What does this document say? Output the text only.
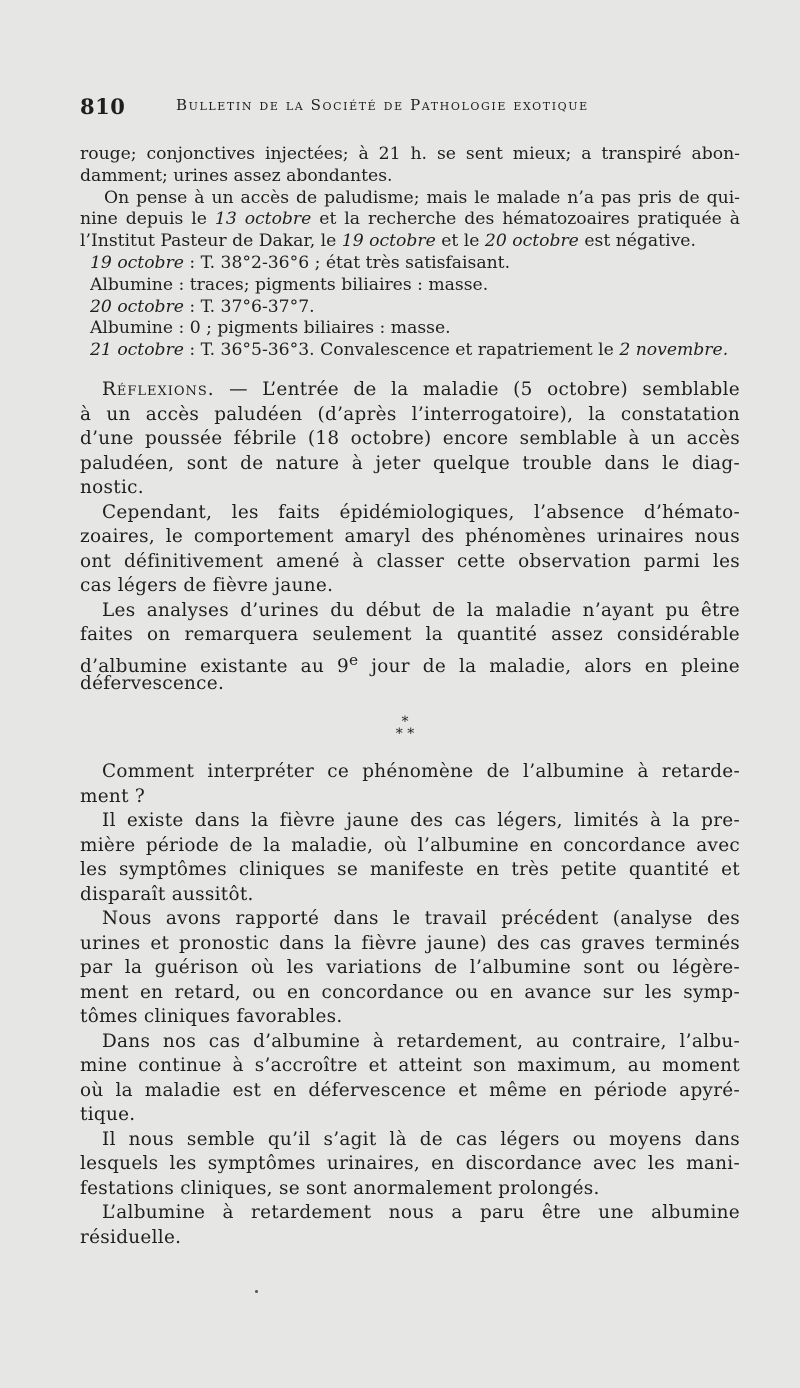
810	Bulletin de la Société de Pathologie exotique
rouge; conjonctives injectées; à 21 h. se sent mieux; a transpiré abon-
damment; urines assez abondantes.
On pense à un accès de paludisme; mais le malade n’a pas pris de qui-
nine depuis le 13 octobre et la recherche des hématozoaires pratiquée à
l’Institut Pasteur de Dakar, le 19 octobre et le 20 octobre est négative.
19 octobre : T. 38°2-36°6 ; état très satisfaisant.
Albumine : traces; pigments biliaires : masse.
20 octobre : T. 37°6-37°7.
Albumine : 0 ; pigments biliaires : masse.
21 octobre : T. 36°5-36°3. Convalescence et rapatriement le 2 novembre.
Réflexions. — L’entrée de la maladie (5 octobre) semblable
à un accès paludéen (d’après l’interrogatoire), la constatation
d’une poussée fébrile (18 octobre) encore semblable à un accès
paludéen, sont de nature à jeter quelque trouble dans le diag-
nostic.
Cependant, les faits épidémiologiques, l’absence d’hémato-
zoaires, le comportement amaryl des phénomènes urinaires nous
ont définitivement amené à classer cette observation parmi les
cas légers de fièvre jaune.
Les analyses d’urines du début de la maladie n’ayant pu être
faites on remarquera seulement la quantité assez considérable
d’albumine existante au 9e jour de la maladie, alors en pleine
défervescence.
*
* *
Comment interpréter ce phénomène de l’albumine à retarde-
ment ?
Il existe dans la fièvre jaune des cas légers, limités à la pre-
mière période de la maladie, où l’albumine en concordance avec
les symptômes cliniques se manifeste en très petite quantité et
disparaît aussitôt.
Nous avons rapporté dans le travail précédent (analyse des
urines et pronostic dans la fièvre jaune) des cas graves terminés
par la guérison où les variations de l’albumine sont ou légère-
ment en retard, ou en concordance ou en avance sur les symp-
tômes cliniques favorables.
Dans nos cas d’albumine à retardement, au contraire, l’albu-
mine continue à s’accroître et atteint son maximum, au moment
où la maladie est en défervescence et même en période apyré-
tique.
Il nous semble qu’il s’agit là de cas légers ou moyens dans
lesquels les symptômes urinaires, en discordance avec les mani-
festations cliniques, se sont anormalement prolongés.
L’albumine à retardement nous a paru être une albumine
résiduelle.
